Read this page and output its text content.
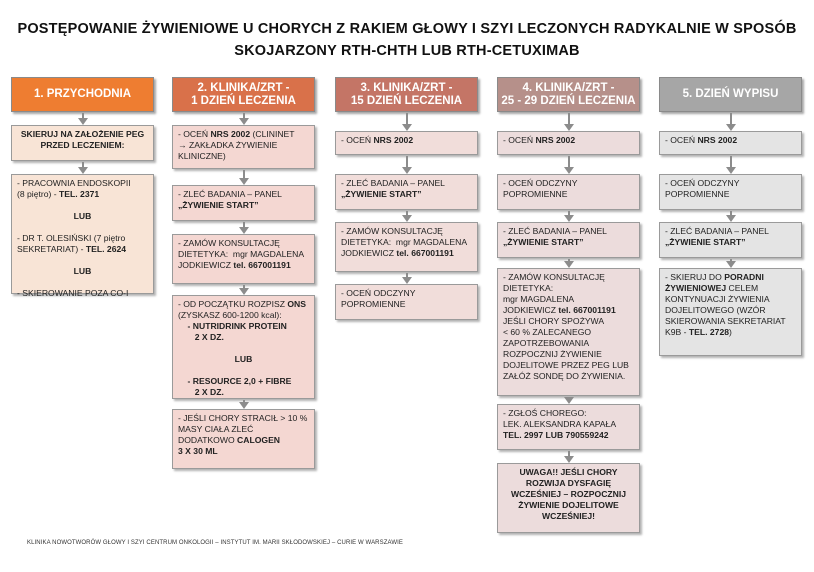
POSTĘPOWANIE ŻYWIENIOWE U CHORYCH Z RAKIEM GŁOWY I SZYI LECZONYCH RADYKALNIE W SPOSÓB
SKOJARZONY RTH-CHTH LUB RTH-CETUXIMAB
1. PRZYCHODNIA
SKIERUJ NA ZAŁOŻENIE PEG
PRZED LECZENIEM:
- PRACOWNIA ENDOSKOPII
(8 piętro) - TEL. 2371
LUB
- DR T. OLESIŃSKI (7 piętro
SEKRETARIAT) - TEL. 2624
LUB
- SKIEROWANIE POZA CO-I
2. KLINIKA/ZRT -
1 DZIEŃ LECZENIA
- OCEŃ NRS 2002 (CLININET
→ ZAKŁADKA ŻYWIENIE
KLINICZNE)
- ZLEĆ BADANIA – PANEL
„ŻYWIENIE START”
- ZAMÓW KONSULTACJĘ
DIETETYKA:  mgr MAGDALENA
JODKIEWICZ tel. 667001191
- OD POCZĄTKU ROZPISZ ONS
(ZYSKASZ 600-1200 kcal):
- NUTRIDRINK PROTEIN
2 X DZ.
LUB
- RESOURCE 2,0 + FIBRE
2 X DZ.
- JEŚLI CHORY STRACIŁ > 10 %
MASY CIAŁA ZLEĆ
DODATKOWO CALOGEN
3 X 30 ML
3. KLINIKA/ZRT -
15 DZIEŃ LECZENIA
- OCEŃ NRS 2002
- ZLEĆ BADANIA – PANEL
„ŻYWIENIE START”
- ZAMÓW KONSULTACJĘ
DIETETYKA:  mgr MAGDALENA
JODKIEWICZ tel. 667001191
- OCEŃ ODCZYNY
POPROMIENNE
4. KLINIKA/ZRT -
25 - 29 DZIEŃ LECZENIA
- OCEŃ NRS 2002
- OCEŃ ODCZYNY
POPROMIENNE
- ZLEĆ BADANIA – PANEL
„ŻYWIENIE START”
- ZAMÓW KONSULTACJĘ
DIETETYKA:
mgr MAGDALENA
JODKIEWICZ tel. 667001191
JEŚLI CHORY SPOŻYWA
< 60 % ZALECANEGO
ZAPOTRZEBOWANIA
ROZPOCZNIJ ŻYWIENIE
DOJELITOWE PRZEZ PEG LUB
ZAŁÓŻ SONDĘ DO ŻYWIENIA.
- ZGŁOŚ CHOREGO:
LEK. ALEKSANDRA KAPAŁA
TEL. 2997 LUB 790559242
UWAGA!! JEŚLI CHORY
ROZWIJA DYSFAGIĘ
WCZEŚNIEJ – ROZPOCZNIJ
ŻYWIENIE DOJELITOWE
WCZEŚNIEJ!
5. DZIEŃ WYPISU
- OCEŃ NRS 2002
- OCEŃ ODCZYNY
POPROMIENNE
- ZLEĆ BADANIA – PANEL
„ŻYWIENIE START”
- SKIERUJ DO PORADNI
ŻYWIENIOWEJ CELEM
KONTYNUACJI ŻYWIENIA
DOJELITOWEGO (WZÓR
SKIEROWANIA SEKRETARIAT
K9B - TEL. 2728)
KLINIKA NOWOTWORÓW GŁOWY I SZYI CENTRUM ONKOLOGII – INSTYTUT IM. MARII SKŁODOWSKIEJ – CURIE W WARSZAWIE
